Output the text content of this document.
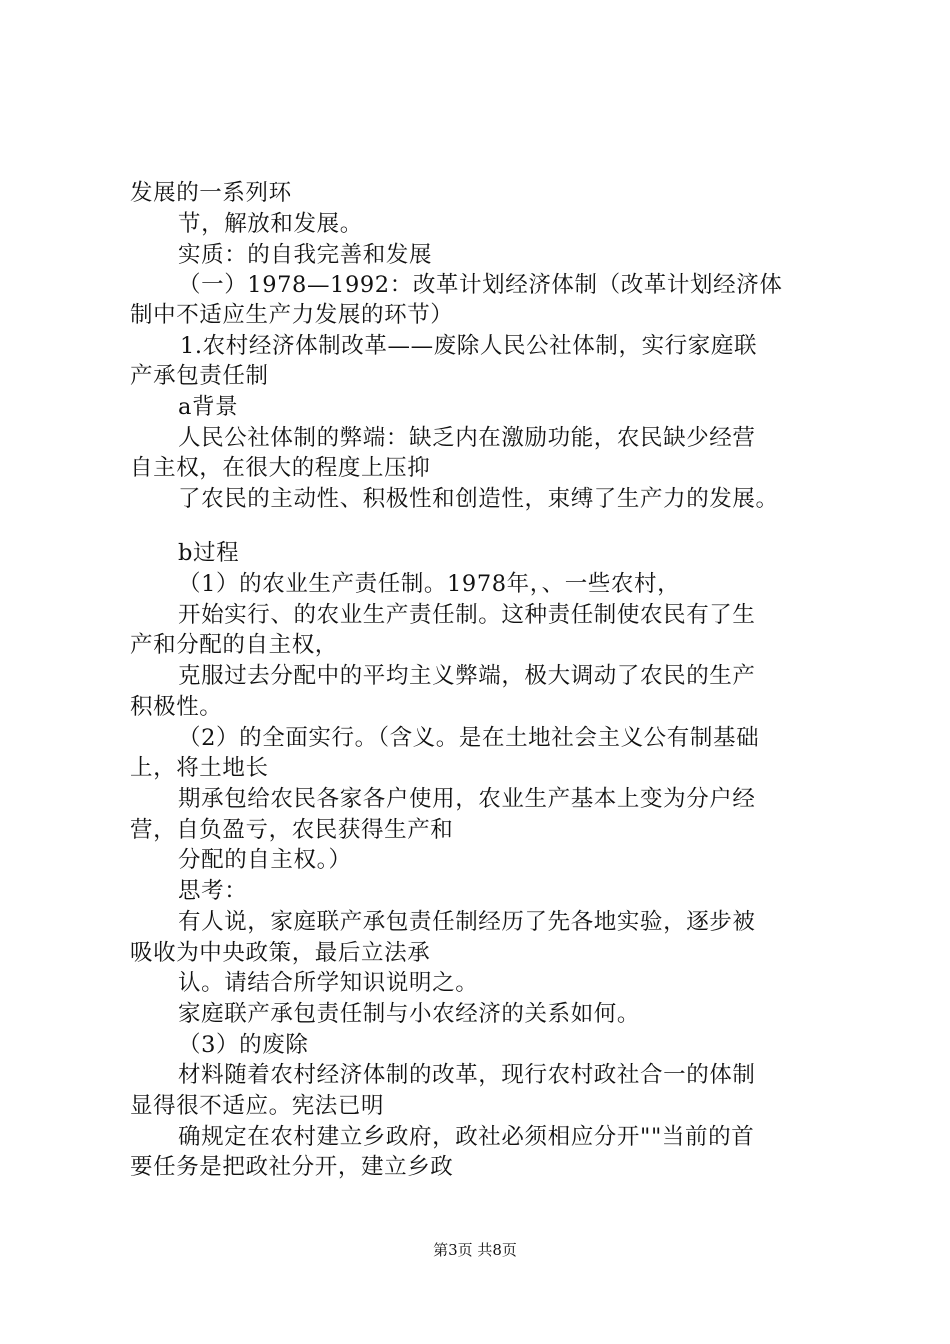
发展的一系列环
节，解放和发展。
实质：的自我完善和发展
（一）1978—1992：改革计划经济体制（改革计划经济体
制中不适应生产力发展的环节）
1.农村经济体制改革——废除人民公社体制，实行家庭联
产承包责任制
a背景
人民公社体制的弊端：缺乏内在激励功能，农民缺少经营
自主权，在很大的程度上压抑
了农民的主动性、积极性和创造性，束缚了生产力的发展。
b过程
（1）的农业生产责任制。1978年，、一些农村，
开始实行、的农业生产责任制。这种责任制使农民有了生
产和分配的自主权，
克服过去分配中的平均主义弊端，极大调动了农民的生产
积极性。
（2）的全面实行。（含义。是在土地社会主义公有制基础
上，将土地长
期承包给农民各家各户使用，农业生产基本上变为分户经
营，自负盈亏，农民获得生产和
分配的自主权。）
思考：
有人说，家庭联产承包责任制经历了先各地实验，逐步被
吸收为中央政策，最后立法承
认。请结合所学知识说明之。
家庭联产承包责任制与小农经济的关系如何。
（3）的废除
材料随着农村经济体制的改革，现行农村政社合一的体制
显得很不适应。宪法已明
确规定在农村建立乡政府，政社必须相应分开""当前的首
要任务是把政社分开，建立乡政
第3页 共8页
